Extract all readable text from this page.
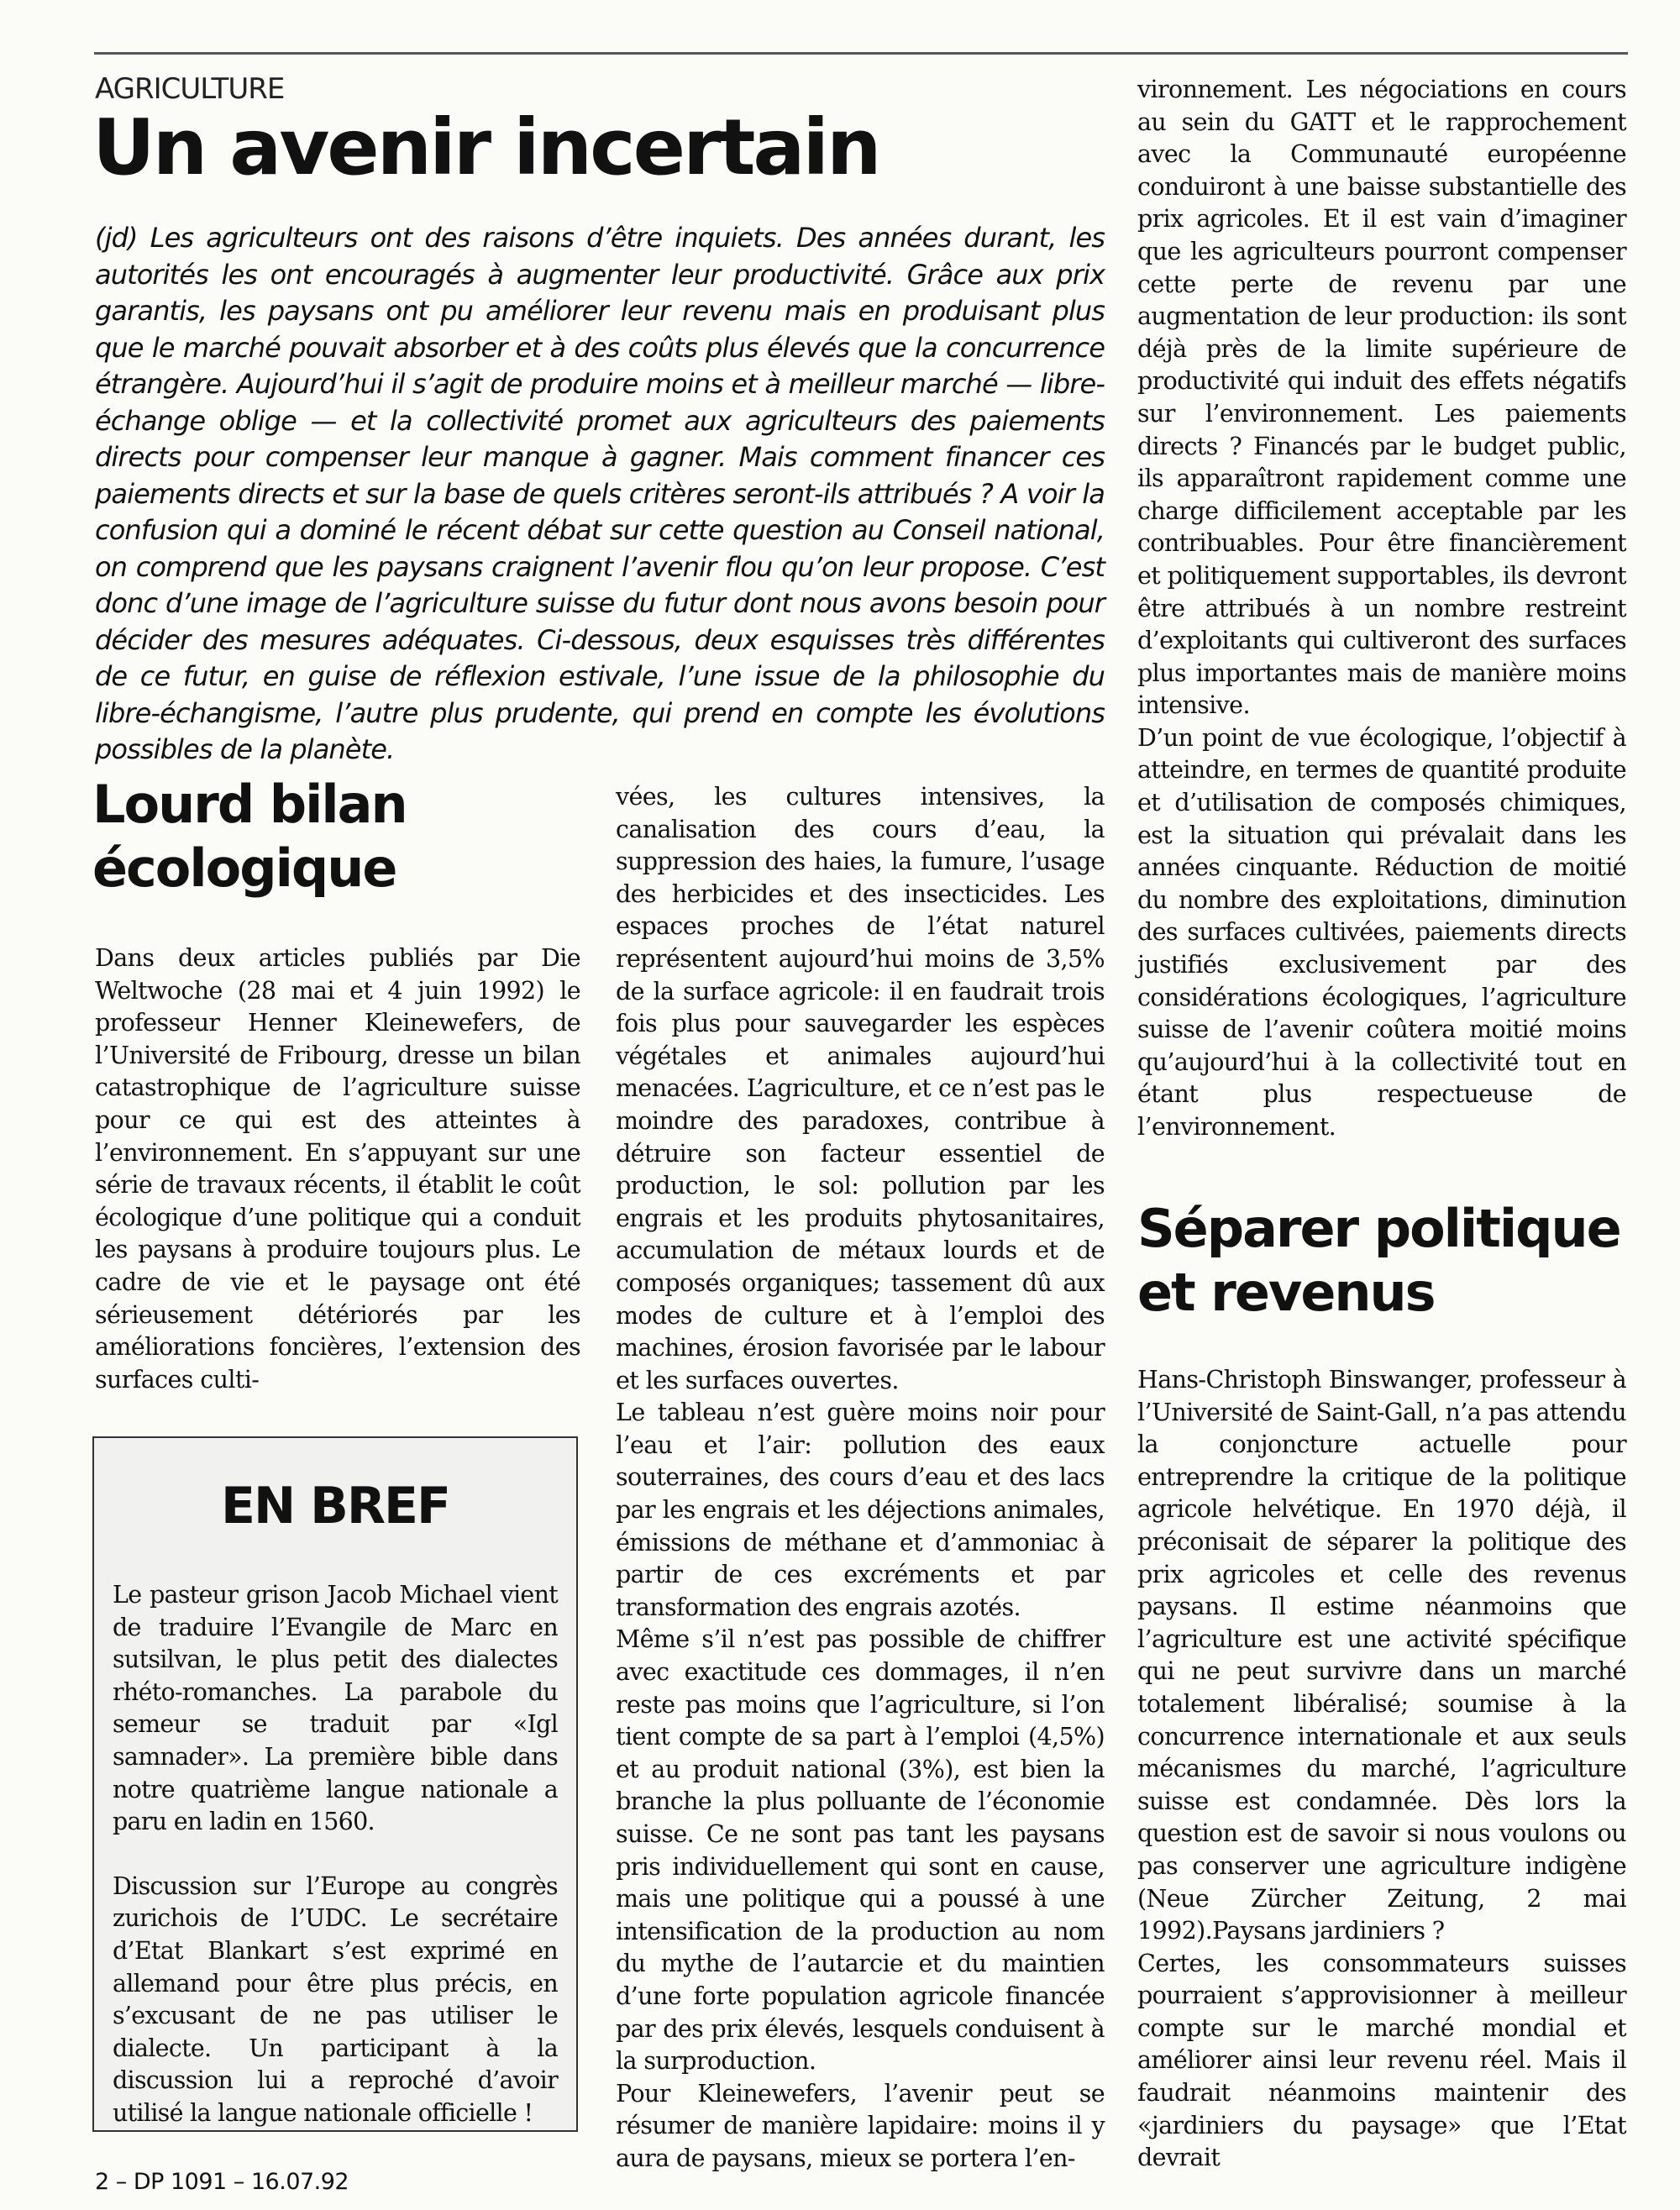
AGRICULTURE
Un avenir incertain
(jd) Les agriculteurs ont des raisons d’être inquiets. Des années durant, les autorités les ont encouragés à augmenter leur productivité. Grâce aux prix garantis, les paysans ont pu améliorer leur revenu mais en produisant plus que le marché pouvait absorber et à des coûts plus élevés que la concurrence étrangère. Aujourd’hui il s’agit de produire moins et à meilleur marché — libre-échange oblige — et la collectivité promet aux agriculteurs des paiements directs pour compenser leur manque à gagner. Mais comment financer ces paiements directs et sur la base de quels critères seront-ils attribués ? A voir la confusion qui a dominé le récent débat sur cette question au Conseil national, on comprend que les paysans craignent l’avenir flou qu’on leur propose. C’est donc d’une image de l’agriculture suisse du futur dont nous avons besoin pour décider des mesures adéquates. Ci-dessous, deux esquisses très différentes de ce futur, en guise de réflexion estivale, l’une issue de la philosophie du libre-échangisme, l’autre plus prudente, qui prend en compte les évolutions possibles de la planète.
Lourd bilan écologique

Dans deux articles publiés par Die Weltwoche (28 mai et 4 juin 1992) le professeur Henner Kleinewefers, de l’Université de Fribourg, dresse un bilan catastrophique de l’agriculture suisse pour ce qui est des atteintes à l’environnement. En s’appuyant sur une série de travaux récents, il établit le coût écologique d’une politique qui a conduit les paysans à produire toujours plus. Le cadre de vie et le paysage ont été sérieusement détériorés par les améliorations foncières, l’extension des surfaces culti-

EN BREF

Le pasteur grison Jacob Michael vient de traduire l’Evangile de Marc en sutsilvan, le plus petit des dialectes rhéto-romanches. La parabole du semeur se traduit par «Igl samnader». La première bible dans notre quatrième langue nationale a paru en ladin en 1560.

Discussion sur l’Europe au congrès zurichois de l’UDC. Le secrétaire d’Etat Blankart s’est exprimé en allemand pour être plus précis, en s’excusant de ne pas utiliser le dialecte. Un participant à la discussion lui a reproché d’avoir utilisé la langue nationale officielle !

vées, les cultures intensives, la canalisation des cours d’eau, la suppression des haies, la fumure, l’usage des herbicides et des insecticides. Les espaces proches de l’état naturel représentent aujourd’hui moins de 3,5% de la surface agricole: il en faudrait trois fois plus pour sauvegarder les espèces végétales et animales aujourd’hui menacées. L’agriculture, et ce n’est pas le moindre des paradoxes, contribue à détruire son facteur essentiel de production, le sol: pollution par les engrais et les produits phytosanitaires, accumulation de métaux lourds et de composés organiques; tassement dû aux modes de culture et à l’emploi des machines, érosion favorisée par le labour et les surfaces ouvertes.

Le tableau n’est guère moins noir pour l’eau et l’air: pollution des eaux souterraines, des cours d’eau et des lacs par les engrais et les déjections animales, émissions de méthane et d’ammoniac à partir de ces excréments et par transformation des engrais azotés.

Même s’il n’est pas possible de chiffrer avec exactitude ces dommages, il n’en reste pas moins que l’agriculture, si l’on tient compte de sa part à l’emploi (4,5%) et au produit national (3%), est bien la branche la plus polluante de l’économie suisse. Ce ne sont pas tant les paysans pris individuellement qui sont en cause, mais une politique qui a poussé à une intensification de la production au nom du mythe de l’autarcie et du maintien d’une forte population agricole financée par des prix élevés, lesquels conduisent à la surproduction.

Pour Kleinewefers, l’avenir peut se résumer de manière lapidaire: moins il y aura de paysans, mieux se portera l’en-

vironnement. Les négociations en cours au sein du GATT et le rapprochement avec la Communauté européenne conduiront à une baisse substantielle des prix agricoles. Et il est vain d’imaginer que les agriculteurs pourront compenser cette perte de revenu par une augmentation de leur production: ils sont déjà près de la limite supérieure de productivité qui induit des effets négatifs sur l’environnement. Les paiements directs ? Financés par le budget public, ils apparaîtront rapidement comme une charge difficilement acceptable par les contribuables. Pour être financièrement et politiquement supportables, ils devront être attribués à un nombre restreint d’exploitants qui cultiveront des surfaces plus importantes mais de manière moins intensive.

D’un point de vue écologique, l’objectif à atteindre, en termes de quantité produite et d’utilisation de composés chimiques, est la situation qui prévalait dans les années cinquante. Réduction de moitié du nombre des exploitations, diminution des surfaces cultivées, paiements directs justifiés exclusivement par des considérations écologiques, l’agriculture suisse de l’avenir coûtera moitié moins qu’aujourd’hui à la collectivité tout en étant plus respectueuse de l’environnement.

Séparer politique et revenus

Hans-Christoph Binswanger, professeur à l’Université de Saint-Gall, n’a pas attendu la conjoncture actuelle pour entreprendre la critique de la politique agricole helvétique. En 1970 déjà, il préconisait de séparer la politique des prix agricoles et celle des revenus paysans. Il estime néanmoins que l’agriculture est une activité spécifique qui ne peut survivre dans un marché totalement libéralisé; soumise à la concurrence internationale et aux seuls mécanismes du marché, l’agriculture suisse est condamnée. Dès lors la question est de savoir si nous voulons ou pas conserver une agriculture indigène (Neue Zürcher Zeitung, 2 mai 1992).Paysans jardiniers ?

Certes, les consommateurs suisses pourraient s’approvisionner à meilleur compte sur le marché mondial et améliorer ainsi leur revenu réel. Mais il faudrait néanmoins maintenir des «jardiniers du paysage» que l’Etat devrait

2 – DP 1091 – 16.07.92
